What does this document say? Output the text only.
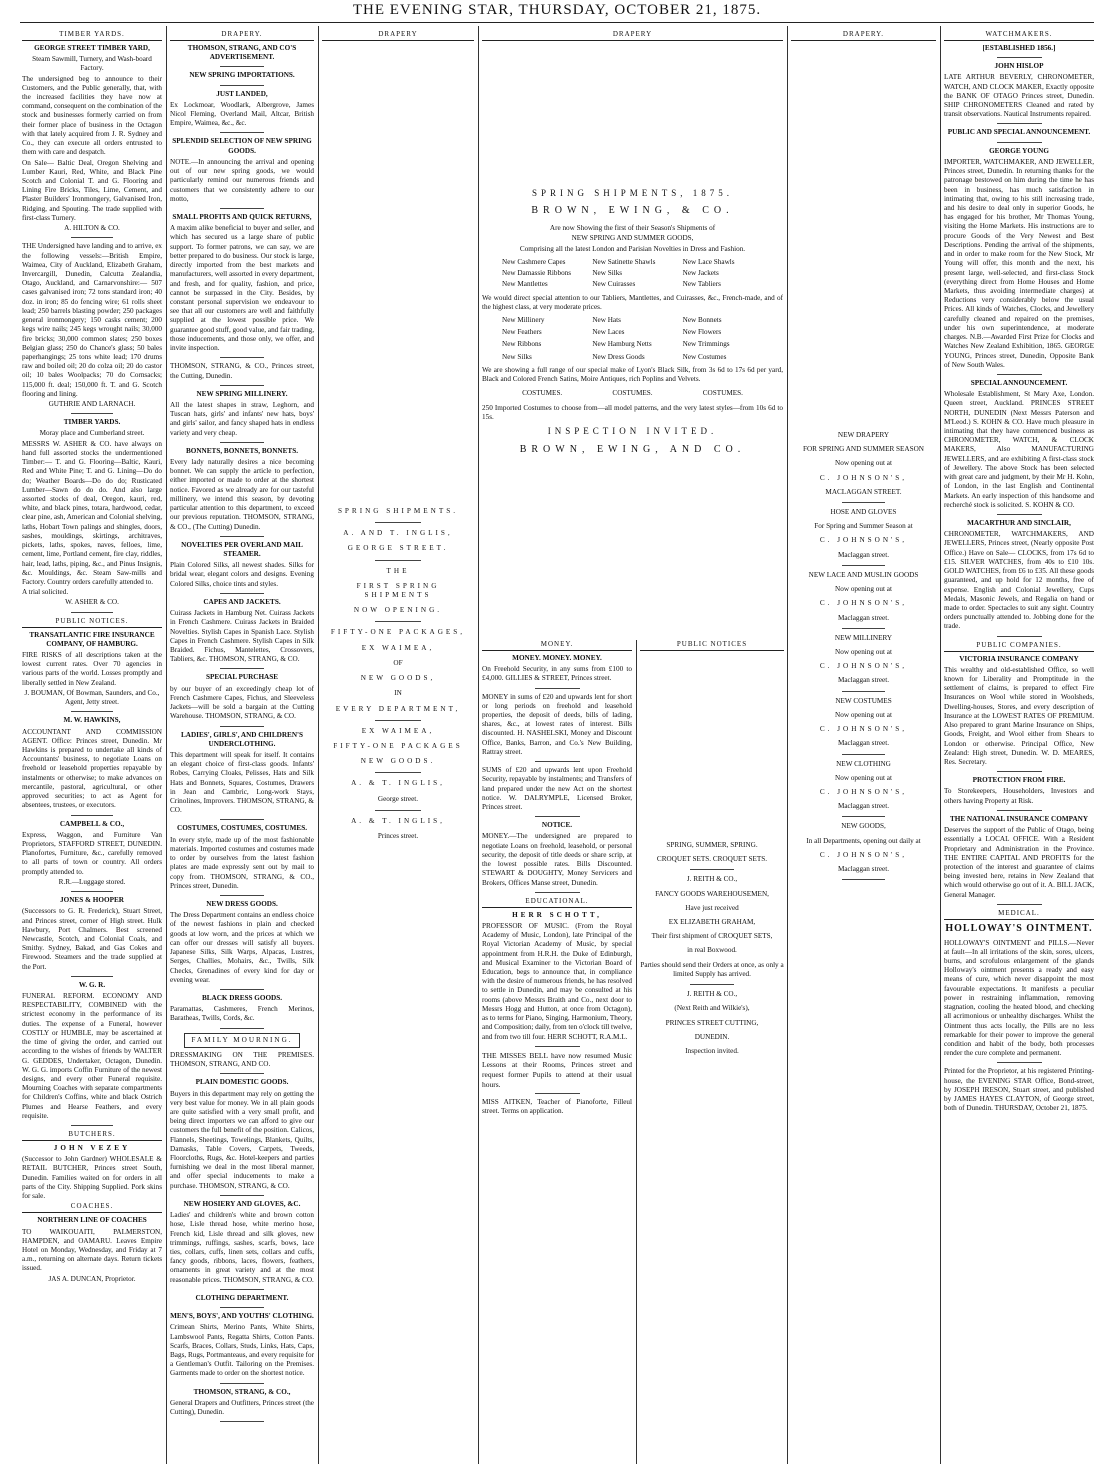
THE EVENING STAR, THURSDAY, OCTOBER 21, 1875.
TIMBER YARDS.
GEORGE STREET TIMBER YARD,
Steam Sawmill, Turnery, and Wash-board Factory.
The undersigned beg to announce to their Customers, and the Public generally, that, with the increased facilities they have now at command, consequent on the combination of the stock and businesses formerly carried on from their former place of business in the Octagon with that lately acquired from J. R. Sydney and Co., they can execute all orders entrusted to them with care and despatch.
On Sale— Baltic Deal, Oregon Shelving and Lumber Kauri, Red, White, and Black Pine Scotch and Colonial T. and G. Flooring and Lining Fire Bricks, Tiles, Lime, Cement, and Plaster Builders' Ironmongery, Galvanised Iron, Ridging, and Spouting. The trade supplied with first-class Turnery.
A. HILTON & CO.
THE Undersigned have landing and to arrive, ex the following vessels:—British Empire, Waimea, City of Auckland, Elizabeth Graham, Invercargill, Dunedin, Calcutta Zealandia, Otago, Auckland, and Carnarvonshire:— 507 cases galvanised iron; 72 tons standard iron; 40 doz. in iron; 85 do fencing wire; 61 rolls sheet lead; 250 barrels blasting powder; 250 packages general ironmongery; 150 casks cement; 200 kegs wire nails; 245 kegs wrought nails; 30,000 fire bricks; 30,000 common slates; 250 boxes Belgian glass; 250 do Chance's glass; 50 bales paperhangings; 25 tons white lead; 170 drums raw and boiled oil; 20 do colza oil; 20 do castor oil; 10 bales Woolpacks; 70 do Cornsacks; 115,000 ft. deal; 150,000 ft. T. and G. Scotch flooring and lining.
GUTHRIE AND LARNACH.
TIMBER YARDS.
Moray place and Cumberland street.
MESSRS W. ASHER & CO. have always on hand full assorted stocks the undermentioned Timber:— T. and G. Flooring—Baltic, Kauri, Red and White Pine; T. and G. Lining—Do do do; Weather Boards—Do do do; Rusticated Lumber—Sawn do do do. And also large assorted stocks of deal, Oregon, kauri, red, white, and black pines, totara, hardwood, cedar, clear pine, ash, American and Colonial shelving, laths, Hobart Town palings and shingles, doors, sashes, mouldings, skirtings, architraves, pickets, laths, spokes, naves, felloes, lime, cement, lime, Portland cement, fire clay, riddles, hair, lead, laths, piping, &c., and Pinus Insignis, &c. Mouldings, &c. Steam Saw-mills and Factory. Country orders carefully attended to.
A trial solicited.
W. ASHER & CO.
PUBLIC NOTICES.
TRANSATLANTIC FIRE INSURANCE COMPANY, OF HAMBURG.
FIRE RISKS of all descriptions taken at the lowest current rates. Over 70 agencies in various parts of the world. Losses promptly and liberally settled in New Zealand.
J. BOUMAN, Of Bowman, Saunders, and Co., Agent, Jetty street.
M. W. HAWKINS,
ACCOUNTANT AND COMMISSION AGENT. Office: Princes street, Dunedin. Mr Hawkins is prepared to undertake all kinds of Accountants' business, to negotiate Loans on freehold or leasehold properties repayable by instalments or otherwise; to make advances on mercantile, pastoral, agricultural, or other approved securities; to act as Agent for absentees, trustees, or executors.
CAMPBELL & CO.,
Express, Waggon, and Furniture Van Proprietors, STAFFORD STREET, DUNEDIN. Planofortes, Furniture, &c., carefully removed to all parts of town or country. All orders promptly attended to.
R.R.—Luggage stored.
JONES & HOOPER
(Successors to G. R. Frederick), Stuart Street, and Princes street, corner of High street. Hulk Hawbury, Port Chalmers. Best screened Newcastle, Scotch, and Colonial Coals, and Smithy. Sydney, Bakad, and Gas Cokes and Firewood. Steamers and the trade supplied at the Port.
W. G. R.
FUNERAL REFORM. ECONOMY AND RESPECTABILITY, COMBINED with the strictest economy in the performance of its duties. The expense of a Funeral, however COSTLY or HUMBLE, may be ascertained at the time of giving the order, and carried out according to the wishes of friends by WALTER G. GEDDES, Undertaker, Octagon, Dunedin. W. G. G. imports Coffin Furniture of the newest designs, and every other Funeral requisite. Mourning Coaches with separate compartments for Children's Coffins, white and black Ostrich Plumes and Hearse Feathers, and every requisite.
BUTCHERS.
JOHN VEZEY
(Successor to John Gardner) WHOLESALE & RETAIL BUTCHER, Princes street South, Dunedin. Families waited on for orders in all parts of the City. Shipping Supplied. Pork skins for sale.
COACHES.
NORTHERN LINE OF COACHES
TO WAIKOUAITI, PALMERSTON, HAMPDEN, and OAMARU. Leaves Empire Hotel on Monday, Wednesday, and Friday at 7 a.m., returning on alternate days. Return tickets issued.
JAS A. DUNCAN, Proprietor.
DRAPERY.
THOMSON, STRANG, AND CO'S ADVERTISEMENT.
NEW SPRING IMPORTATIONS.
JUST LANDED,
Ex Lockmoar, Woodlark, Albergrove, James Nicol Fleming, Overland Mail, Altcar, British Empire, Waimea, &c., &c.
SPLENDID SELECTION OF NEW SPRING GOODS.
NOTE.—In announcing the arrival and opening out of our new spring goods, we would particularly remind our numerous friends and customers that we consistently adhere to our motto,
SMALL PROFITS AND QUICK RETURNS,
A maxim alike beneficial to buyer and seller, and which has secured us a large share of public support. To former patrons, we can say, we are better prepared to do business. Our stock is large, directly imported from the best markets and manufacturers, well assorted in every department, and fresh, and for quality, fashion, and price, cannot be surpassed in the City. Besides, by constant personal supervision we endeavour to see that all our customers are well and faithfully supplied at the lowest possible price. We guarantee good stuff, good value, and fair trading, those inducements, and those only, we offer, and invite inspection.
THOMSON, STRANG, & CO., Princes street, the Cutting, Dunedin.
NEW SPRING MILLINERY.
All the latest shapes in straw, Leghorn, and Tuscan hats, girls' and infants' new hats, boys' and girls' sailor, and fancy shaped hats in endless variety and very cheap.
BONNETS, BONNETS, BONNETS.
Every lady naturally desires a nice becoming bonnet. We can supply the article to perfection, either imported or made to order at the shortest notice. Favored as we already are for our tasteful millinery, we intend this season, by devoting particular attention to this department, to exceed our previous reputation. THOMSON, STRANG, & CO., (The Cutting) Dunedin.
NOVELTIES PER OVERLAND MAIL STEAMER.
Plain Colored Silks, all newest shades. Silks for bridal wear, elegant colors and designs. Evening Colored Silks, choice tints and styles.
CAPES AND JACKETS.
Cuirass Jackets in Hamburg Net. Cuirass Jackets in French Cashmere. Cuirass Jackets in Braided Novelties. Stylish Capes in Spanish Lace. Stylish Capes in French Cashmere. Stylish Capes in Silk Braided. Fichus, Mantelettes, Crossovers, Tabliers, &c. THOMSON, STRANG, & CO.
SPECIAL PURCHASE
by our buyer of an exceedingly cheap lot of French Cashmere Capes, Fichus, and Sleeveless Jackets—will be sold a bargain at the Cutting Warehouse. THOMSON, STRANG, & CO.
LADIES', GIRLS', AND CHILDREN'S UNDERCLOTHING.
This department will speak for itself. It contains an elegant choice of first-class goods. Infants' Robes, Carrying Cloaks, Pelisses, Hats and Silk Hats and Bonnets, Squares, Costumes, Drawers in Jean and Cambric, Long-work Stays, Crinolines, Improvers. THOMSON, STRANG, & CO.
COSTUMES, COSTUMES, COSTUMES.
In every style, made up of the most fashionable materials. Imported costumes and costumes made to order by ourselves from the latest fashion plates are made expressly sent out by mail to copy from. THOMSON, STRANG, & CO., Princes street, Dunedin.
NEW DRESS GOODS.
The Dress Department contains an endless choice of the newest fashions in plain and checked goods at low worn, and the prices at which we can offer our dresses will satisfy all buyers. Japanese Silks, Silk Warps, Alpacas, Lustres, Serges, Challies, Mohairs, &c., Twills, Silk Checks, Grenadines of every kind for day or evening wear.
BLACK DRESS GOODS.
Paramattas, Cashmeres, French Merinos, Baratheas, Twills, Cords, &c.
FAMILY MOURNING.
DRESSMAKING ON THE PREMISES. THOMSON, STRANG, AND CO.
PLAIN DOMESTIC GOODS.
Buyers in this department may rely on getting the very best value for money. We in all plain goods are quite satisfied with a very small profit, and being direct importers we can afford to give our customers the full benefit of the position. Calicos, Flannels, Sheetings, Towelings, Blankets, Quilts, Damasks, Table Covers, Carpets, Tweeds, Floorcloths, Rugs, &c. Hotel-keepers and parties furnishing we deal in the most liberal manner, and offer special inducements to make a purchase. THOMSON, STRANG, & CO.
NEW HOSIERY AND GLOVES, &C.
Ladies' and children's white and brown cotton hose, Lisle thread hose, white merino hose, French kid, Lisle thread and silk gloves, new trimmings, ruffings, sashes, scarfs, bows, lace ties, collars, cuffs, linen sets, collars and cuffs, fancy goods, ribbons, laces, flowers, feathers, ornaments in great variety and at the most reasonable prices. THOMSON, STRANG, & CO.
CLOTHING DEPARTMENT.
MEN'S, BOYS', AND YOUTHS' CLOTHING.
Crimean Shirts, Merino Pants, White Shirts, Lambswool Pants, Regatta Shirts, Cotton Pants. Scarfs, Braces, Collars, Studs, Links, Hats, Caps, Bags, Rugs, Portmanteaus, and every requisite for a Gentleman's Outfit. Tailoring on the Premises. Garments made to order on the shortest notice.
THOMSON, STRANG, & CO.,
General Drapers and Outfitters, Princes street (the Cutting), Dunedin.
DRAPERY
SPRING SHIPMENTS.
A. AND T. INGLIS,
GEORGE STREET.
THE
FIRST SPRING SHIPMENTS
NOW OPENING.
FIFTY-ONE PACKAGES,
EX WAIMEA,
OF
NEW GOODS,
IN
EVERY DEPARTMENT,
EX WAIMEA,
FIFTY-ONE PACKAGES
NEW GOODS.
A. & T. INGLIS,
George street.
A. & T. INGLIS,
Princes street.
DRAPERY
SPRING SHIPMENTS, 1875.
BROWN, EWING, & CO.
Are now Showing the first of their Season's Shipments of
NEW SPRING AND SUMMER GOODS,
Comprising all the latest London and Parisian Novelties in Dress and Fashion.
New Cashmere Capes	New Satinette Shawls	New Lace Shawls
New Damassie Ribbons	New Silks	New Jackets
New Mantlettes	New Cuirasses	New Tabliers
We would direct special attention to our Tabliers, Mantlettes, and Cuirasses, &c., French-made, and of the highest class, at very moderate prices.
New Millinery	New Hats	New Bonnets
New Feathers	New Laces	New Flowers
New Ribbons	New Hamburg Netts	New Trimmings
New Silks	New Dress Goods	New Costumes
We are showing a full range of our special make of Lyon's Black Silk, from 3s 6d to 17s 6d per yard, Black and Colored French Satins, Moire Antiques, rich Poplins and Velvets.
COSTUMES.	COSTUMES.	COSTUMES.
250 Imported Costumes to choose from—all model patterns, and the very latest styles—from 10s 6d to 15s.
INSPECTION INVITED.
BROWN, EWING, AND CO.
MONEY.
MONEY. MONEY. MONEY.
On Freehold Security, in any sums from £100 to £4,000. GILLIES & STREET, Princes street.
MONEY in sums of £20 and upwards lent for short or long periods on freehold and leasehold properties, the deposit of deeds, bills of lading, shares, &c., at lowest rates of interest. Bills discounted. H. NASHELSKI, Money and Discount Office, Banks, Barron, and Co.'s New Building, Rattray street.
SUMS of £20 and upwards lent upon Freehold Security, repayable by instalments; and Transfers of land prepared under the new Act on the shortest notice. W. DALRYMPLE, Licensed Broker, Princes street.
NOTICE.
MONEY.—The undersigned are prepared to negotiate Loans on freehold, leasehold, or personal security, the deposit of title deeds or share scrip, at the lowest possible rates. Bills Discounted. STEWART & DOUGHTY, Money Servicers and Brokers, Offices Manse street, Dunedin.
EDUCATIONAL.
HERR SCHOTT,
PROFESSOR OF MUSIC. (From the Royal Academy of Music, London), late Principal of the Royal Victorian Academy of Music, by special appointment from H.R.H. the Duke of Edinburgh, and Musical Examiner to the Victorian Board of Education, begs to announce that, in compliance with the desire of numerous friends, he has resolved to settle in Dunedin, and may be consulted at his rooms (above Messrs Braith and Co., next door to Messrs Hogg and Hutton, at once from Octagon), as to terms for Piano, Singing, Harmonium, Theory, and Composition; daily, from ten o'clock till twelve, and from two till four. HERR SCHOTT, R.A.M.L.
THE MISSES BELL have now resumed Music Lessons at their Rooms, Princes street and request former Pupils to attend at their usual hours.
MISS AITKEN, Teacher of Pianoforte, Filleul street. Terms on application.
PUBLIC NOTICES
SPRING, SUMMER, SPRING.
CROQUET SETS. CROQUET SETS.
J. REITH & CO.,
FANCY GOODS WAREHOUSEMEN,
Have just received
EX ELIZABETH GRAHAM,
Their first shipment of CROQUET SETS,
in real Boxwood.
Parties should send their Orders at once, as only a limited Supply has arrived.
J. REITH & CO.,
(Next Reith and Wilkie's),
PRINCES STREET CUTTING,
DUNEDIN.
Inspection invited.
DRAPERY.
NEW DRAPERY
FOR SPRING AND SUMMER SEASON
Now opening out at
C. JOHNSON'S,
MACLAGGAN STREET.
HOSE AND GLOVES
For Spring and Summer Season at
C. JOHNSON'S,
Maclaggan street.
NEW LACE AND MUSLIN GOODS
Now opening out at
C. JOHNSON'S,
Maclaggan street.
NEW MILLINERY
Now opening out at
C. JOHNSON'S,
Maclaggan street.
NEW COSTUMES
Now opening out at
C. JOHNSON'S,
Maclaggan street.
NEW CLOTHING
Now opening out at
C. JOHNSON'S,
Maclaggan street.
NEW GOODS,
In all Departments, opening out daily at
C. JOHNSON'S,
Maclaggan street.
WATCHMAKERS.
[ESTABLISHED 1856.]
JOHN HISLOP
LATE ARTHUR BEVERLY, CHRONOMETER, WATCH, AND CLOCK MAKER, Exactly opposite the BANK OF OTAGO Princes street, Dunedin. SHIP CHRONOMETERS Cleaned and rated by transit observations. Nautical Instruments repaired.
PUBLIC AND SPECIAL ANNOUNCEMENT.
GEORGE YOUNG
IMPORTER, WATCHMAKER, AND JEWELLER, Princes street, Dunedin. In returning thanks for the patronage bestowed on him during the time he has been in business, has much satisfaction in intimating that, owing to his still increasing trade, and his desire to deal only in superior Goods, he has engaged for his brother, Mr Thomas Young, visiting the Home Markets. His instructions are to procure Goods of the Very Newest and Best Descriptions. Pending the arrival of the shipments, and in order to make room for the New Stock, Mr Young will offer, this month and the next, his present large, well-selected, and first-class Stock (everything direct from Home Houses and Home Markets, thus avoiding intermediate charges) at Reductions very considerably below the usual Prices. All kinds of Watches, Clocks, and Jewellery carefully cleaned and repaired on the premises, under his own superintendence, at moderate charges. N.B.—Awarded First Prize for Clocks and Watches New Zealand Exhibition, 1865. GEORGE YOUNG, Princes street, Dunedin, Opposite Bank of New South Wales.
SPECIAL ANNOUNCEMENT.
Wholesale Establishment, St Mary Axe, London. Queen street, Auckland. PRINCES STREET NORTH, DUNEDIN (Next Messrs Paterson and M'Leod.) S. KOHN & CO. Have much pleasure in intimating that they have commenced business as CHRONOMETER, WATCH, & CLOCK MAKERS, Also MANUFACTURING JEWELLERS, and are exhibiting A first-class stock of Jewellery. The above Stock has been selected with great care and judgment, by their Mr H. Kohn, of London, in the last English and Continental Markets. An early inspection of this handsome and recherché stock is solicited. S. KOHN & CO.
MACARTHUR AND SINCLAIR,
CHRONOMETER, WATCHMAKERS, AND JEWELLERS, Princes street, (Nearly opposite Post Office.) Have on Sale— CLOCKS, from 17s 6d to £15. SILVER WATCHES, from 40s to £10 10s. GOLD WATCHES, from £6 to £35. All these goods guaranteed, and up hold for 12 months, free of expense. English and Colonial Jewellery, Cups Medals, Masonic Jewels, and Regalia on hand or made to order. Spectacles to suit any sight. Country orders punctually attended to. Jobbing done for the trade.
PUBLIC COMPANIES.
VICTORIA INSURANCE COMPANY
This wealthy and old-established Office, so well known for Liberality and Promptitude in the settlement of claims, is prepared to effect Fire Insurances on Wool while stored in Woolsheds, Dwelling-houses, Stores, and every description of Insurance at the LOWEST RATES OF PREMIUM. Also prepared to grant Marine Insurance on Ships, Goods, Freight, and Wool either from Shears to London or otherwise. Principal Office, New Zealand: High street, Dunedin. W. D. MEARES, Res. Secretary.
PROTECTION FROM FIRE.
To Storekeepers, Householders, Investors and others having Property at Risk.
THE NATIONAL INSURANCE COMPANY
Deserves the support of the Public of Otago, being essentially a LOCAL OFFICE. With a Resident Proprietary and Administration in the Province. THE ENTIRE CAPITAL AND PROFITS for the protection of the interest and guarantee of claims being invested here, retains in New Zealand that which would otherwise go out of it. A. BILL JACK, General Manager.
MEDICAL.
HOLLOWAY'S OINTMENT.
HOLLOWAY'S OINTMENT and PILLS.—Never at fault—In all irritations of the skin, sores, ulcers, burns, and scrofulous enlargement of the glands Holloway's ointment presents a ready and easy means of cure, which never disappoint the most favourable expectations. It manifests a peculiar power in restraining inflammation, removing stagnation, cooling the heated blood, and checking all acrimonious or unhealthy discharges. Whilst the Ointment thus acts locally, the Pills are no less remarkable for their power to improve the general condition and habit of the body, both processes render the cure complete and permanent.
Printed for the Proprietor, at his registered Printing-house, the EVENING STAR Office, Bond-street, by JOSEPH IRESON, Stuart street, and published by JAMES HAYES CLAYTON, of George street, both of Dunedin. THURSDAY, October 21, 1875.
